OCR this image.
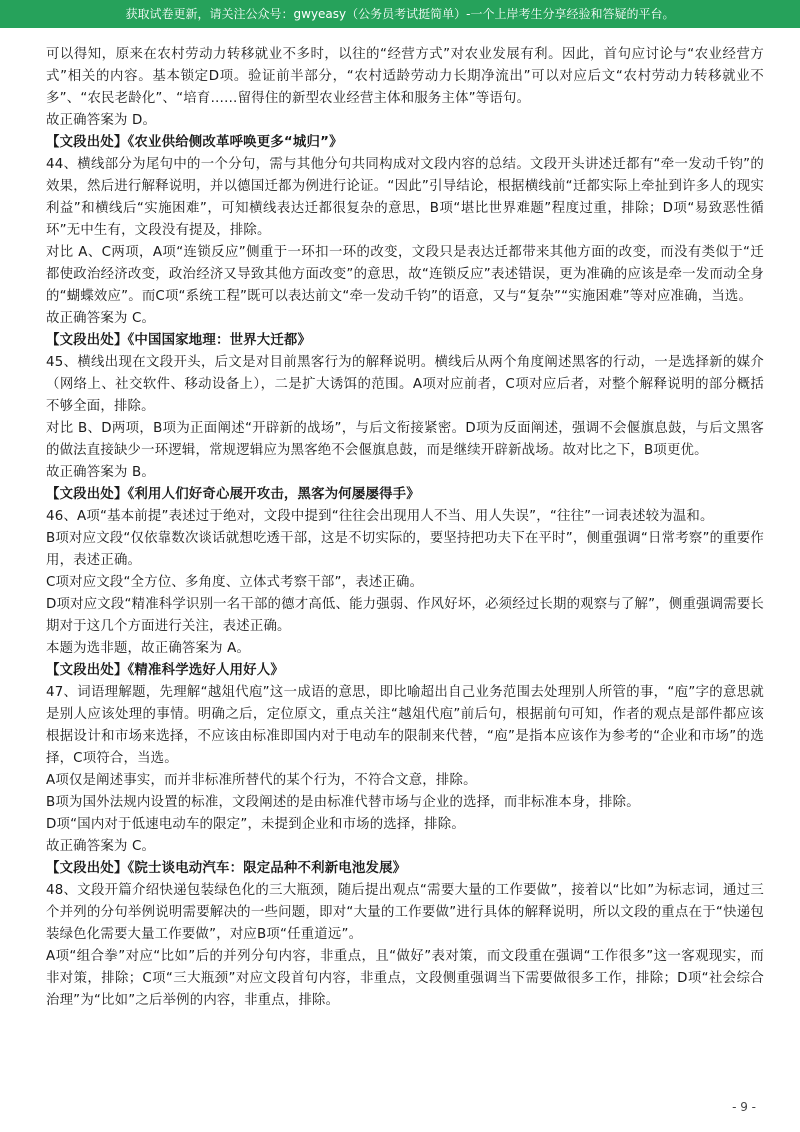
获取试卷更新，请关注公众号：gwyeasy（公务员考试挺简单）-一个上岸考生分享经验和答疑的平台。

可以得知，原来在农村劳动力转移就业不多时，以往的“经营方式”对农业发展有利。因此，首句应讨论与“农业经营方式”相关的内容。基本锁定D项。验证前半部分，“农村适龄劳动力长期净流出”可以对应后文“农村劳动力转移就业不多”、“农民老龄化”、“培育……留得住的新型农业经营主体和服务主体”等语句。

故正确答案为 D。

【文段出处】《农业供给侧改革呼唤更多“城归”》

44、横线部分为尾句中的一个分句，需与其他分句共同构成对文段内容的总结。文段开头讲述迁都有“牵一发动千钧”的效果，然后进行解释说明，并以德国迁都为例进行论证。“因此”引导结论，根据横线前“迁都实际上牵扯到许多人的现实利益”和横线后“实施困难”，可知横线表达迁都很复杂的意思，B项“堪比世界难题”程度过重，排除；D项“易致恶性循环”无中生有，文段没有提及，排除。

对比 A、C两项，A项“连锁反应”侧重于一环扣一环的改变，文段只是表达迁都带来其他方面的改变，而没有类似于“迁都使政治经济改变，政治经济又导致其他方面改变”的意思，故“连锁反应”表述错误，更为准确的应该是牵一发而动全身的“蝴蝶效应”。而C项“系统工程”既可以表达前文“牵一发动千钧”的语意，又与“复杂”“实施困难”等对应准确，当选。

故正确答案为 C。

【文段出处】《中国国家地理：世界大迁都》

45、横线出现在文段开头，后文是对目前黑客行为的解释说明。横线后从两个角度阐述黑客的行动，一是选择新的媒介（网络上、社交软件、移动设备上），二是扩大诱饵的范围。A项对应前者，C项对应后者，对整个解释说明的部分概括不够全面，排除。

对比 B、D两项，B项为正面阐述“开辟新的战场”，与后文衔接紧密。D项为反面阐述，强调不会偃旗息鼓，与后文黑客的做法直接缺少一环逻辑，常规逻辑应为黑客绝不会偃旗息鼓，而是继续开辟新战场。故对比之下，B项更优。

故正确答案为 B。

【文段出处】《利用人们好奇心展开攻击，黑客为何屡屡得手》

46、A项“基本前提”表述过于绝对，文段中提到“往往会出现用人不当、用人失误”，“往往”一词表述较为温和。

B项对应文段“仅依靠数次谈话就想吃透干部，这是不切实际的，要坚持把功夫下在平时”，侧重强调“日常考察”的重要作用，表述正确。

C项对应文段“全方位、多角度、立体式考察干部”，表述正确。

D项对应文段“精准科学识别一名干部的德才高低、能力强弱、作风好坏，必须经过长期的观察与了解”，侧重强调需要长期对于这几个方面进行关注，表述正确。

本题为选非题，故正确答案为 A。

【文段出处】《精准科学选好人用好人》

47、词语理解题，先理解“越俎代庖”这一成语的意思，即比喻超出自己业务范围去处理别人所管的事，“庖”字的意思就是别人应该处理的事情。明确之后，定位原文，重点关注“越俎代庖”前后句，根据前句可知，作者的观点是部件都应该根据设计和市场来选择，不应该由标准即国内对于电动车的限制来代替，“庖”是指本应该作为参考的“企业和市场”的选择，C项符合，当选。

A项仅是阐述事实，而并非标准所替代的某个行为，不符合文意，排除。

B项为国外法规内设置的标准，文段阐述的是由标准代替市场与企业的选择，而非标准本身，排除。

D项“国内对于低速电动车的限定”，未提到企业和市场的选择，排除。

故正确答案为 C。

【文段出处】《院士谈电动汽车：限定品种不利新电池发展》

48、文段开篇介绍快递包装绿色化的三大瓶颈，随后提出观点“需要大量的工作要做”，接着以“比如”为标志词，通过三个并列的分句举例说明需要解决的一些问题，即对“大量的工作要做”进行具体的解释说明，所以文段的重点在于“快递包装绿色化需要大量工作要做”，对应B项“任重道远”。

A项“组合拳”对应“比如”后的并列分句内容，非重点，且“做好”表对策，而文段重在强调“工作很多”这一客观现实，而非对策，排除；C项“三大瓶颈”对应文段首句内容，非重点，文段侧重强调当下需要做很多工作，排除；D项“社会综合治理”为“比如”之后举例的内容，非重点，排除。

- 9 -
